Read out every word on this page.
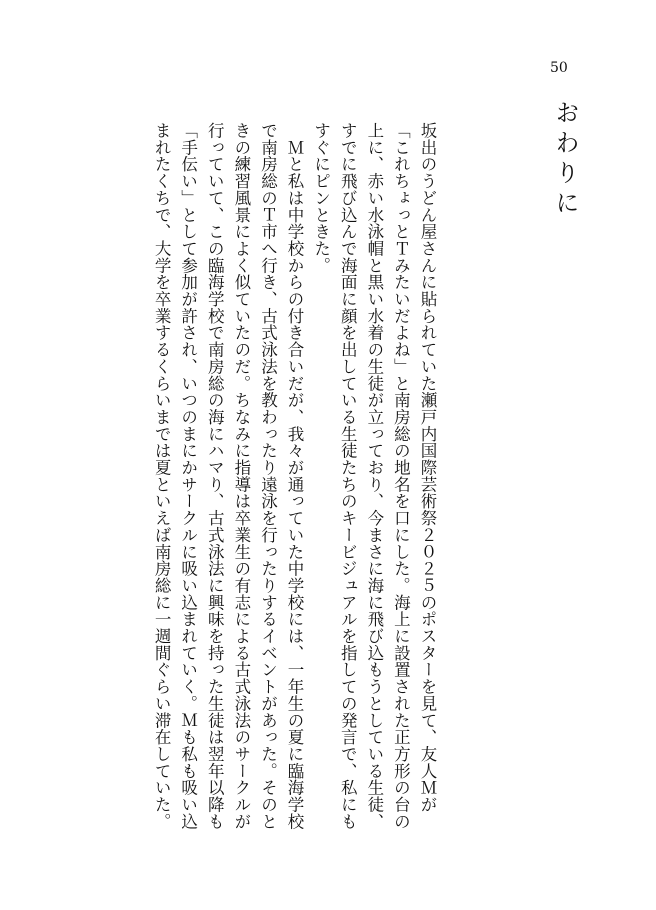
50
おわりに
坂出のうどん屋さんに貼られていた瀬戸内国際芸術祭２０２５のポスターを見て、友人Ｍが
「これちょっとＴみたいだよね」と南房総の地名を口にした。海上に設置された正方形の台の
上に、赤い水泳帽と黒い水着の生徒が立っており、今まさに海に飛び込もうとしている生徒、
すでに飛び込んで海面に顔を出している生徒たちのキービジュアルを指しての発言で、私にも
すぐにピンときた。
　Ｍと私は中学校からの付き合いだが、我々が通っていた中学校には、一年生の夏に臨海学校
で南房総のＴ市へ行き、古式泳法を教わったり遠泳を行ったりするイベントがあった。そのと
きの練習風景によく似ていたのだ。ちなみに指導は卒業生の有志による古式泳法のサークルが
行っていて、この臨海学校で南房総の海にハマり、古式泳法に興味を持った生徒は翌年以降も
「手伝い」として参加が許され、いつのまにかサークルに吸い込まれていく。Ｍも私も吸い込
まれたくちで、大学を卒業するくらいまでは夏といえば南房総に一週間ぐらい滞在していた。
